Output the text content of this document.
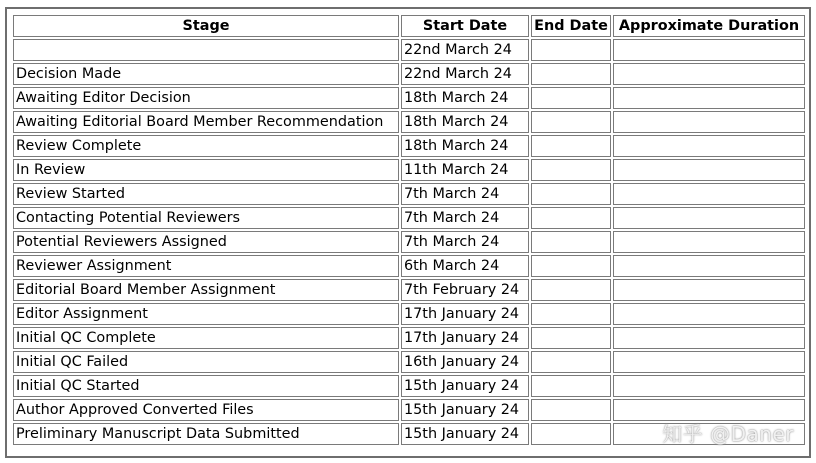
Stage	Start Date	End Date	Approximate Duration
	22nd March 24		
Decision Made	22nd March 24		
Awaiting Editor Decision	18th March 24		
Awaiting Editorial Board Member Recommendation	18th March 24		
Review Complete	18th March 24		
In Review	11th March 24		
Review Started	7th March 24		
Contacting Potential Reviewers	7th March 24		
Potential Reviewers Assigned	7th March 24		
Reviewer Assignment	6th March 24		
Editorial Board Member Assignment	7th February 24		
Editor Assignment	17th January 24		
Initial QC Complete	17th January 24		
Initial QC Failed	16th January 24		
Initial QC Started	15th January 24		
Author Approved Converted Files	15th January 24		
Preliminary Manuscript Data Submitted	15th January 24			知乎 @Daner
